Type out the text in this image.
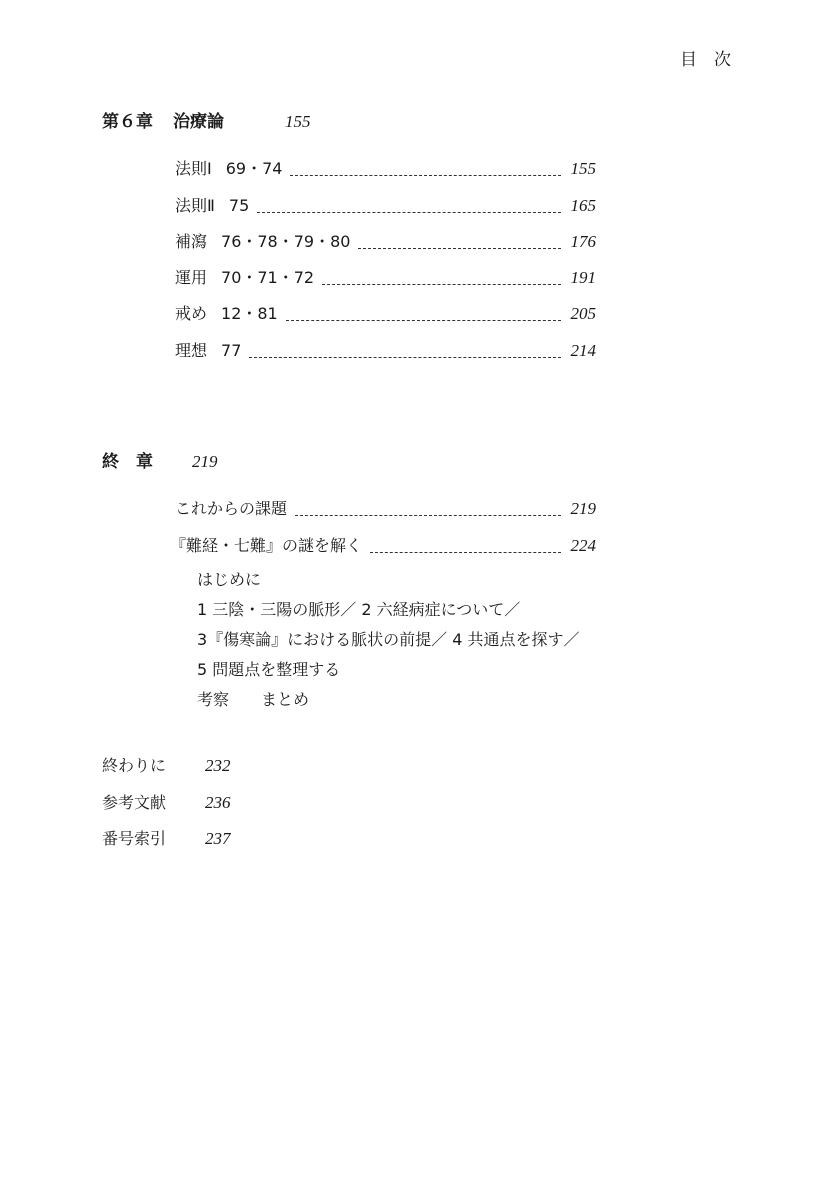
目　次
第６章 治療論	155
法則Ⅰ 69・74	155
法則Ⅱ 75	165
補瀉 76・78・79・80	176
運用 70・71・72	191
戒め 12・81	205
理想 77	214
終　章 219
これからの課題	219
『難経・七難』の謎を解く	224
はじめに
1 三陰・三陽の脈形／ 2 六経病症について／
3『傷寒論』における脈状の前提／ 4 共通点を探す／
5 問題点を整理する
考察　　まとめ
終わりに 232
参考文献 236
番号索引 237
